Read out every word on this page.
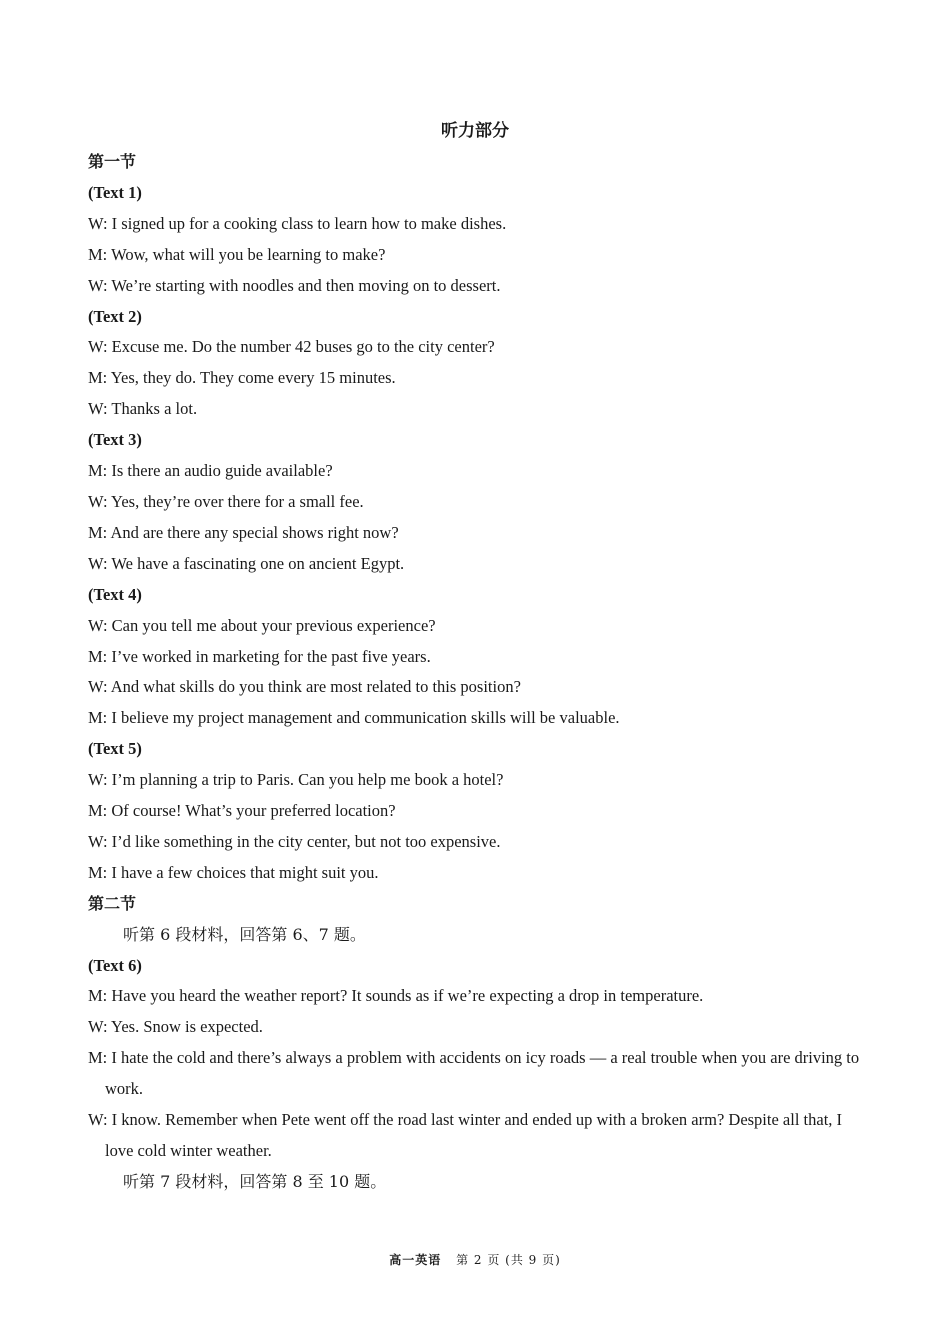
听力部分
第一节
(Text 1)
W: I signed up for a cooking class to learn how to make dishes.
M: Wow, what will you be learning to make?
W: We’re starting with noodles and then moving on to dessert.
(Text 2)
W: Excuse me. Do the number 42 buses go to the city center?
M: Yes, they do. They come every 15 minutes.
W: Thanks a lot.
(Text 3)
M: Is there an audio guide available?
W: Yes, they’re over there for a small fee.
M: And are there any special shows right now?
W: We have a fascinating one on ancient Egypt.
(Text 4)
W: Can you tell me about your previous experience?
M: I’ve worked in marketing for the past five years.
W: And what skills do you think are most related to this position?
M: I believe my project management and communication skills will be valuable.
(Text 5)
W: I’m planning a trip to Paris. Can you help me book a hotel?
M: Of course! What’s your preferred location?
W: I’d like something in the city center, but not too expensive.
M: I have a few choices that might suit you.
第二节
听第 6 段材料，回答第 6、7 题。
(Text 6)
M: Have you heard the weather report? It sounds as if we’re expecting a drop in temperature.
W: Yes. Snow is expected.
M: I hate the cold and there’s always a problem with accidents on icy roads — a real trouble when you are driving to work.
W: I know. Remember when Pete went off the road last winter and ended up with a broken arm? Despite all that, I love cold winter weather.
听第 7 段材料，回答第 8 至 10 题。
高一英语 第 2 页 (共 9 页)
